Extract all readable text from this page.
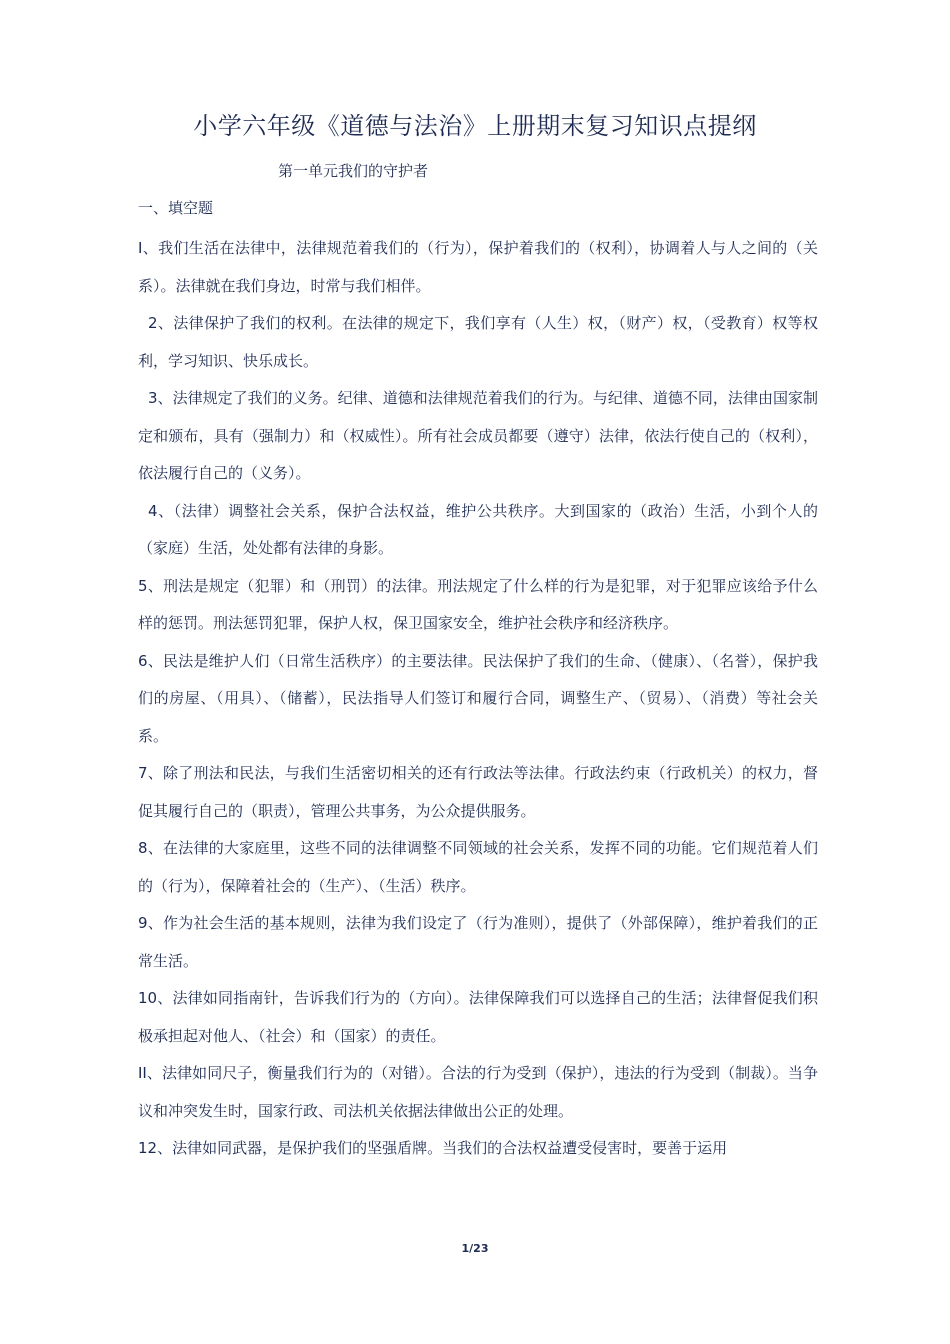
小学六年级《道德与法治》上册期末复习知识点提纲
第一单元我们的守护者
一、填空题

I、我们生活在法律中，法律规范着我们的（行为），保护着我们的（权利），协调着人与人之间的（关系）。法律就在我们身边，时常与我们相伴。

2、法律保护了我们的权利。在法律的规定下，我们享有（人生）权，（财产）权，（受教育）权等权利，学习知识、快乐成长。

3、法律规定了我们的义务。纪律、道德和法律规范着我们的行为。与纪律、道德不同，法律由国家制定和颁布，具有（强制力）和（权威性）。所有社会成员都要（遵守）法律，依法行使自己的（权利），依法履行自己的（义务）。

4、（法律）调整社会关系，保护合法权益，维护公共秩序。大到国家的（政治）生活，小到个人的（家庭）生活，处处都有法律的身影。

5、刑法是规定（犯罪）和（刑罚）的法律。刑法规定了什么样的行为是犯罪，对于犯罪应该给予什么样的惩罚。刑法惩罚犯罪，保护人权，保卫国家安全，维护社会秩序和经济秩序。

6、民法是维护人们（日常生活秩序）的主要法律。民法保护了我们的生命、（健康）、（名誉），保护我们的房屋、（用具）、（储蓄），民法指导人们签订和履行合同，调整生产、（贸易）、（消费）等社会关系。

7、除了刑法和民法，与我们生活密切相关的还有行政法等法律。行政法约束（行政机关）的权力，督促其履行自己的（职责），管理公共事务，为公众提供服务。

8、在法律的大家庭里，这些不同的法律调整不同领域的社会关系，发挥不同的功能。它们规范着人们的（行为），保障着社会的（生产）、（生活）秩序。

9、作为社会生活的基本规则，法律为我们设定了（行为准则），提供了（外部保障），维护着我们的正常生活。

10、法律如同指南针，告诉我们行为的（方向）。法律保障我们可以选择自己的生活；法律督促我们积极承担起对他人、（社会）和（国家）的责任。

II、法律如同尺子，衡量我们行为的（对错）。合法的行为受到（保护），违法的行为受到（制裁）。当争议和冲突发生时，国家行政、司法机关依据法律做出公正的处理。

12、法律如同武器，是保护我们的坚强盾牌。当我们的合法权益遭受侵害时，要善于运用

1/23
